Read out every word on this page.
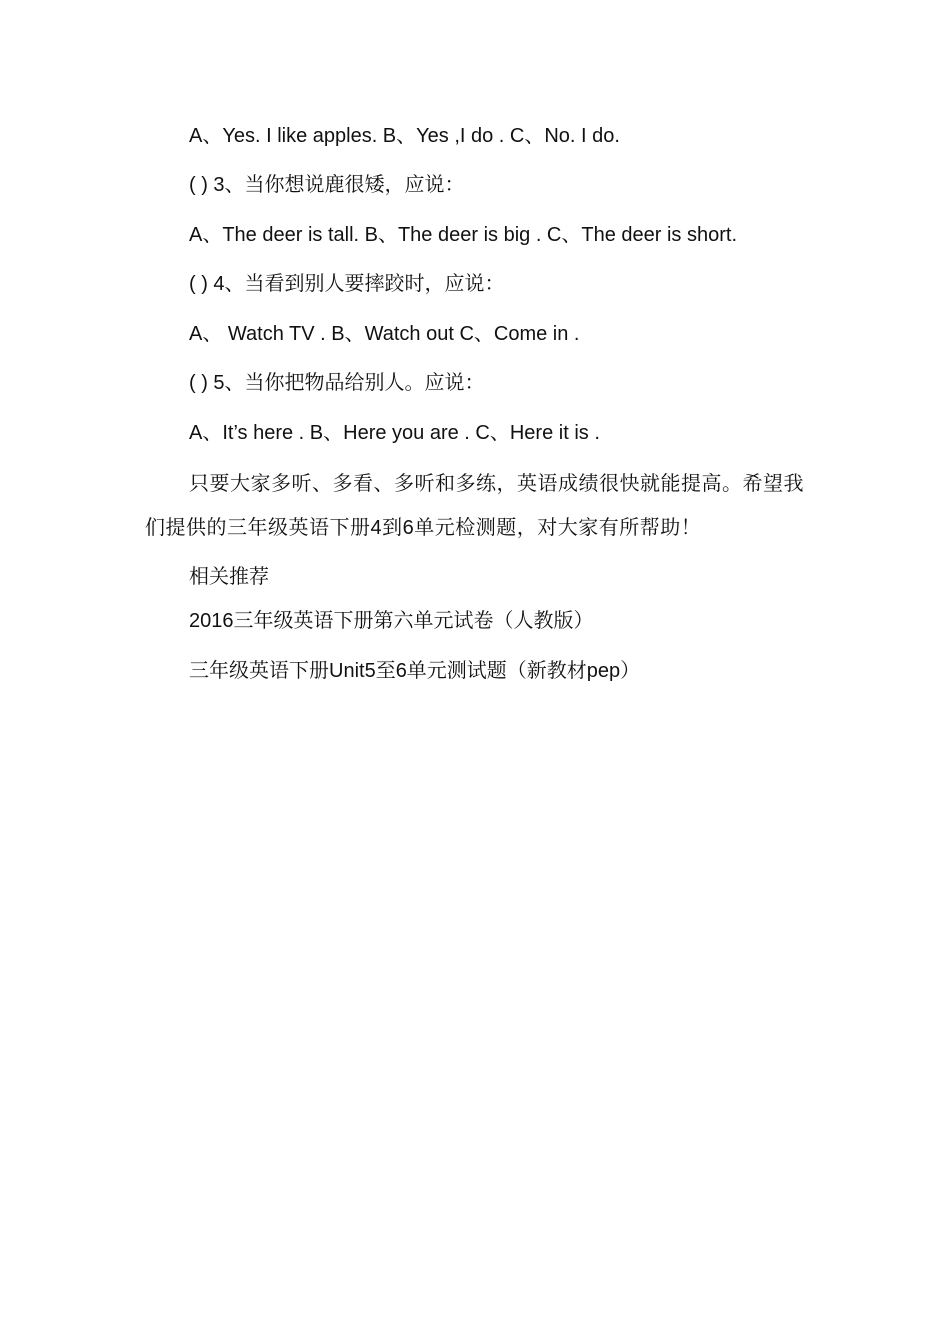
A、Yes. I like apples. B、Yes ,I do . C、No. I do.
( ) 3、当你想说鹿很矮，应说：
A、The deer is tall. B、The deer is big . C、The deer is short.
( ) 4、当看到别人要摔跤时，应说：
A、 Watch TV . B、Watch out C、Come in .
( ) 5、当你把物品给别人。应说：
A、It’s here . B、Here you are . C、Here it is .
只要大家多听、多看、多听和多练，英语成绩很快就能提高。希望我们提供的三年级英语下册4到6单元检测题，对大家有所帮助！
相关推荐
2016三年级英语下册第六单元试卷（人教版）
三年级英语下册Unit5至6单元测试题（新教材pep）
